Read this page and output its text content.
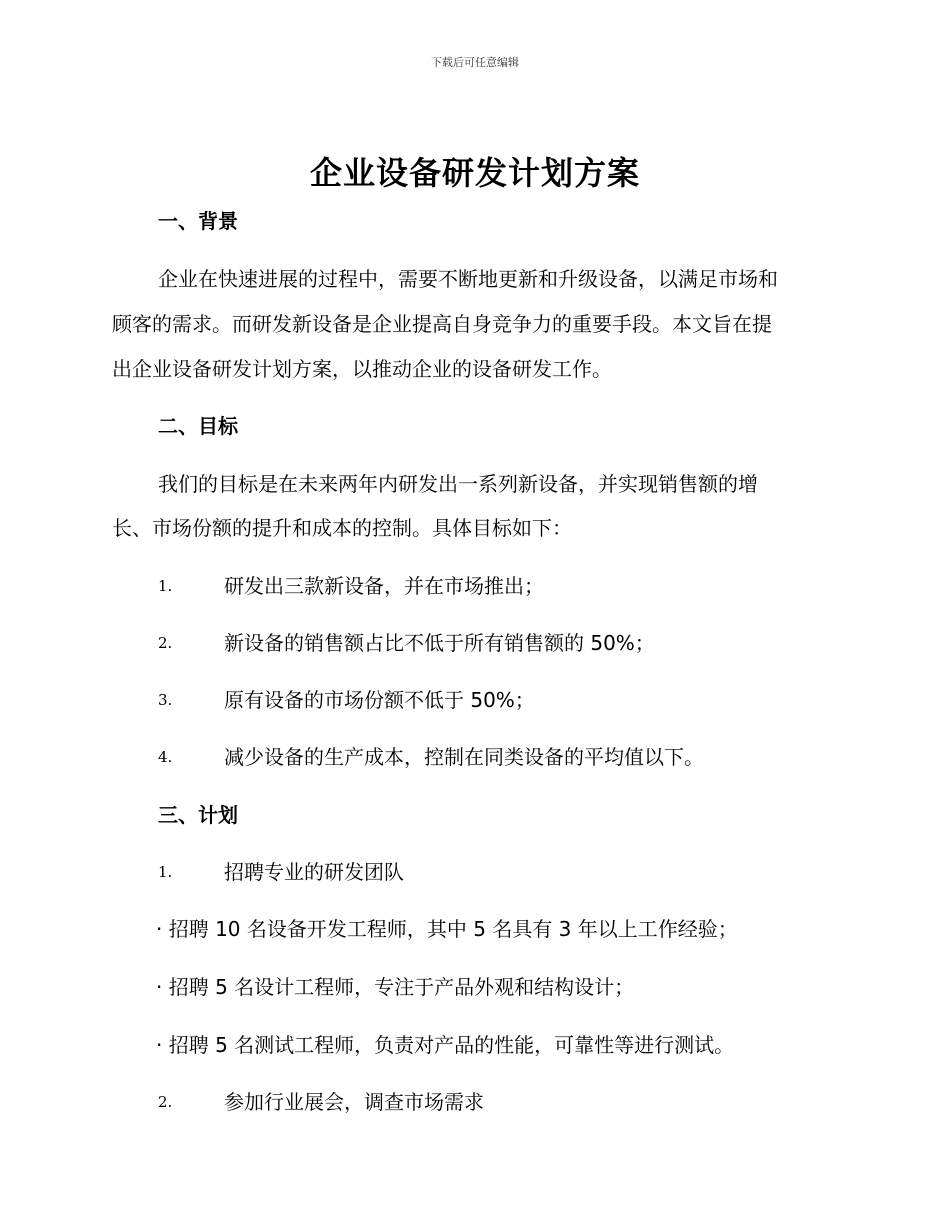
下载后可任意编辑
企业设备研发计划方案
一、背景
企业在快速进展的过程中，需要不断地更新和升级设备，以满足市场和
顾客的需求。而研发新设备是企业提高自身竞争力的重要手段。本文旨在提
出企业设备研发计划方案，以推动企业的设备研发工作。
二、目标
我们的目标是在未来两年内研发出一系列新设备，并实现销售额的增
长、市场份额的提升和成本的控制。具体目标如下：
1.	研发出三款新设备，并在市场推出；
2.	新设备的销售额占比不低于所有销售额的 50%；
3.	原有设备的市场份额不低于 50%；
4.	减少设备的生产成本，控制在同类设备的平均值以下。
三、计划
1.	招聘专业的研发团队
· 招聘 10 名设备开发工程师，其中 5 名具有 3 年以上工作经验；
· 招聘 5 名设计工程师，专注于产品外观和结构设计；
· 招聘 5 名测试工程师，负责对产品的性能，可靠性等进行测试。
2.	参加行业展会，调查市场需求
